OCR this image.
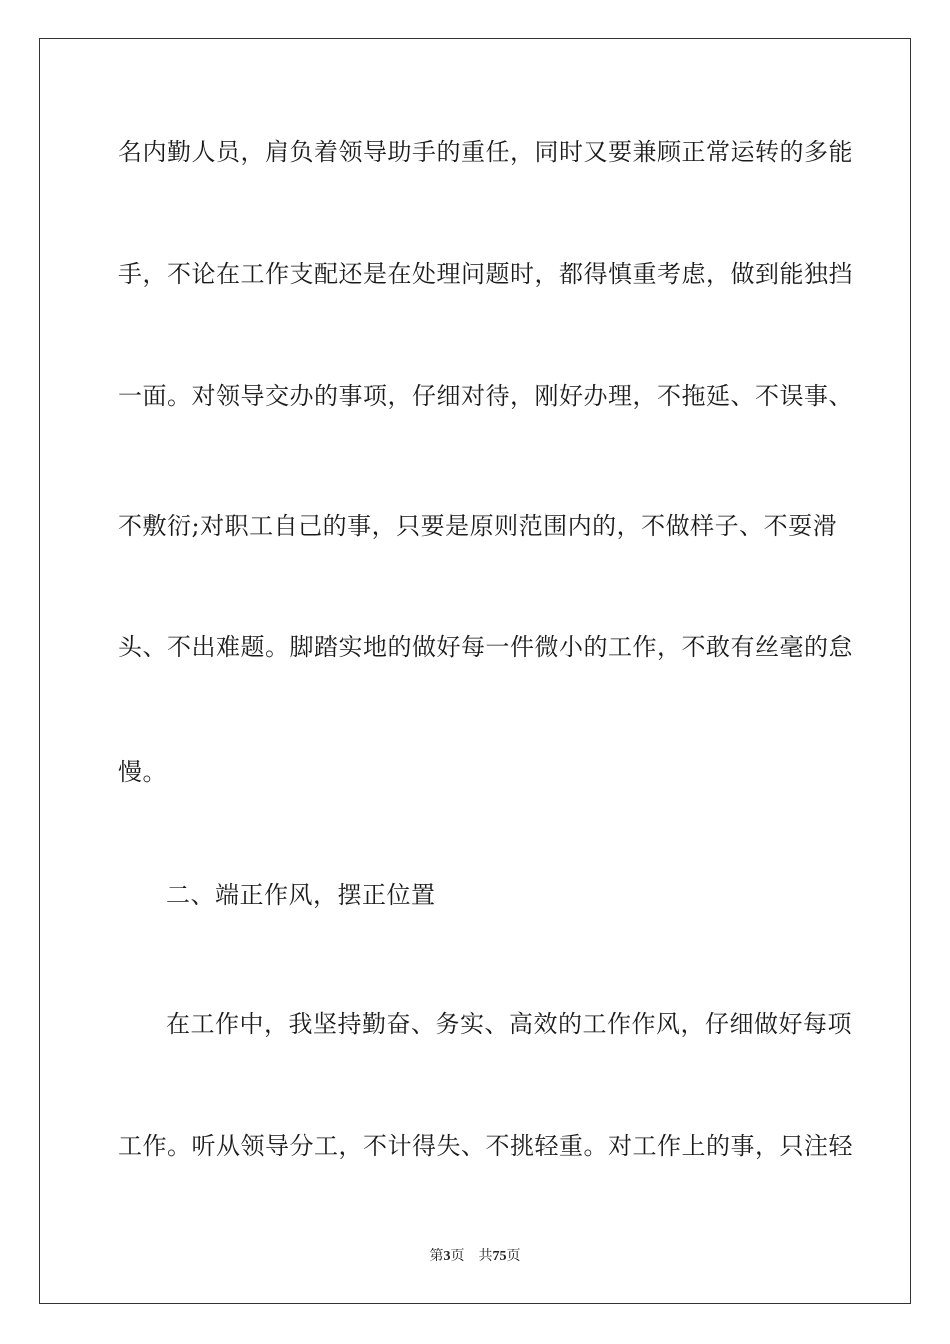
名内勤人员，肩负着领导助手的重任，同时又要兼顾正常运转的多能
手，不论在工作支配还是在处理问题时，都得慎重考虑，做到能独挡
一面。对领导交办的事项，仔细对待，刚好办理，不拖延、不误事、
不敷衍;对职工自己的事，只要是原则范围内的，不做样子、不耍滑
头、不出难题。脚踏实地的做好每一件微小的工作，不敢有丝毫的怠
慢。
二、端正作风，摆正位置
在工作中，我坚持勤奋、务实、高效的工作作风，仔细做好每项
工作。听从领导分工，不计得失、不挑轻重。对工作上的事，只注轻
第3页 共75页
